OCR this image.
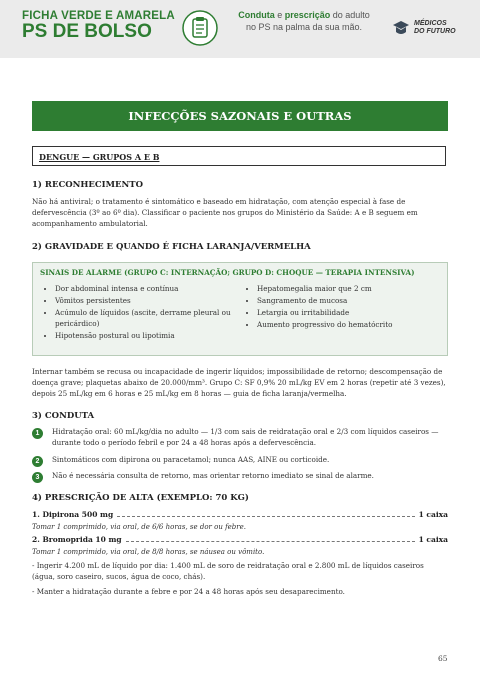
FICHA VERDE E AMARELA
PS DE BOLSO
Conduta e prescrição do adulto no PS na palma da sua mão.	MÉDICOS
DO FUTURO
INFECÇÕES SAZONAIS E OUTRAS
DENGUE — GRUPOS A E B
1) RECONHECIMENTO
Não há antiviral; o tratamento é sintomático e baseado em hidratação, com atenção especial à fase de defervescência (3º ao 6º dia). Classificar o paciente nos grupos do Ministério da Saúde: A e B seguem em acompanhamento ambulatorial.
2) GRAVIDADE E QUANDO É FICHA LARANJA/VERMELHA
SINAIS DE ALARME (GRUPO C: INTERNAÇÃO; GRUPO D: CHOQUE — TERAPIA INTENSIVA)
• Dor abdominal intensa e contínua
• Vômitos persistentes
• Acúmulo de líquidos (ascite, derrame pleural ou pericárdico)
• Hipotensão postural ou lipotimia
• Hepatomegalia maior que 2 cm
• Sangramento de mucosa
• Letargia ou irritabilidade
• Aumento progressivo do hematócrito
Internar também se recusa ou incapacidade de ingerir líquidos; impossibilidade de retorno; descompensação de doença grave; plaquetas abaixo de 20.000/mm³. Grupo C: SF 0,9% 20 mL/kg EV em 2 horas (repetir até 3 vezes), depois 25 mL/kg em 6 horas e 25 mL/kg em 8 horas — guia de ficha laranja/vermelha.
3) CONDUTA
1	Hidratação oral: 60 mL/kg/dia no adulto — 1/3 com sais de reidratação oral e 2/3 com líquidos caseiros — durante todo o período febril e por 24 a 48 horas após a defervescência.
2	Sintomáticos com dipirona ou paracetamol; nunca AAS, AINE ou corticoide.
3	Não é necessária consulta de retorno, mas orientar retorno imediato se sinal de alarme.
4) PRESCRIÇÃO DE ALTA (EXEMPLO: 70 KG)
1. Dipirona 500 mg	1 caixa
Tomar 1 comprimido, via oral, de 6/6 horas, se dor ou febre.
2. Bromoprida 10 mg	1 caixa
Tomar 1 comprimido, via oral, de 8/8 horas, se náusea ou vômito.
- Ingerir 4.200 mL de líquido por dia: 1.400 mL de soro de reidratação oral e 2.800 mL de líquidos caseiros (água, soro caseiro, sucos, água de coco, chás).
- Manter a hidratação durante a febre e por 24 a 48 horas após seu desaparecimento.
65
